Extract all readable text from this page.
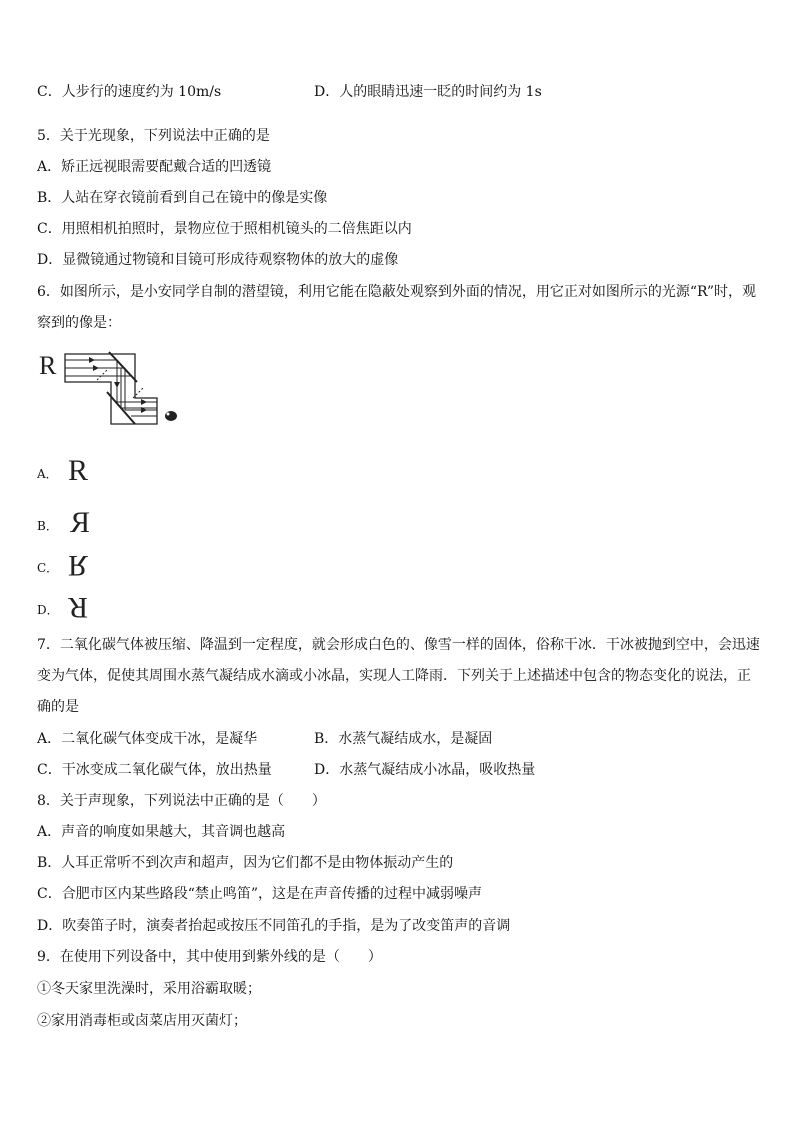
C．人步行的速度约为 10m/s	D．人的眼睛迅速一眨的时间约为 1s
5．关于光现象，下列说法中正确的是
A．矫正远视眼需要配戴合适的凹透镜
B．人站在穿衣镜前看到自己在镜中的像是实像
C．用照相机拍照时，景物应位于照相机镜头的二倍焦距以内
D．显微镜通过物镜和目镜可形成待观察物体的放大的虚像
6．如图所示，是小安同学自制的潜望镜，利用它能在隐蔽处观察到外面的情况，用它正对如图所示的光源“R”时，观
察到的像是：
R
A． R
B． R
C． R
D． R
7．二氧化碳气体被压缩、降温到一定程度，就会形成白色的、像雪一样的固体，俗称干冰．干冰被抛到空中，会迅速
变为气体，促使其周围水蒸气凝结成水滴或小冰晶，实现人工降雨．下列关于上述描述中包含的物态变化的说法，正
确的是
A．二氧化碳气体变成干冰，是凝华	B．水蒸气凝结成水，是凝固
C．干冰变成二氧化碳气体，放出热量	D．水蒸气凝结成小冰晶，吸收热量
8．关于声现象，下列说法中正确的是（　　）
A．声音的响度如果越大，其音调也越高
B．人耳正常听不到次声和超声，因为它们都不是由物体振动产生的
C．合肥市区内某些路段“禁止鸣笛”，这是在声音传播的过程中减弱噪声
D．吹奏笛子时，演奏者抬起或按压不同笛孔的手指，是为了改变笛声的音调
9．在使用下列设备中，其中使用到紫外线的是（　　）
①冬天家里洗澡时，采用浴霸取暖；
②家用消毒柜或卤菜店用灭菌灯；
